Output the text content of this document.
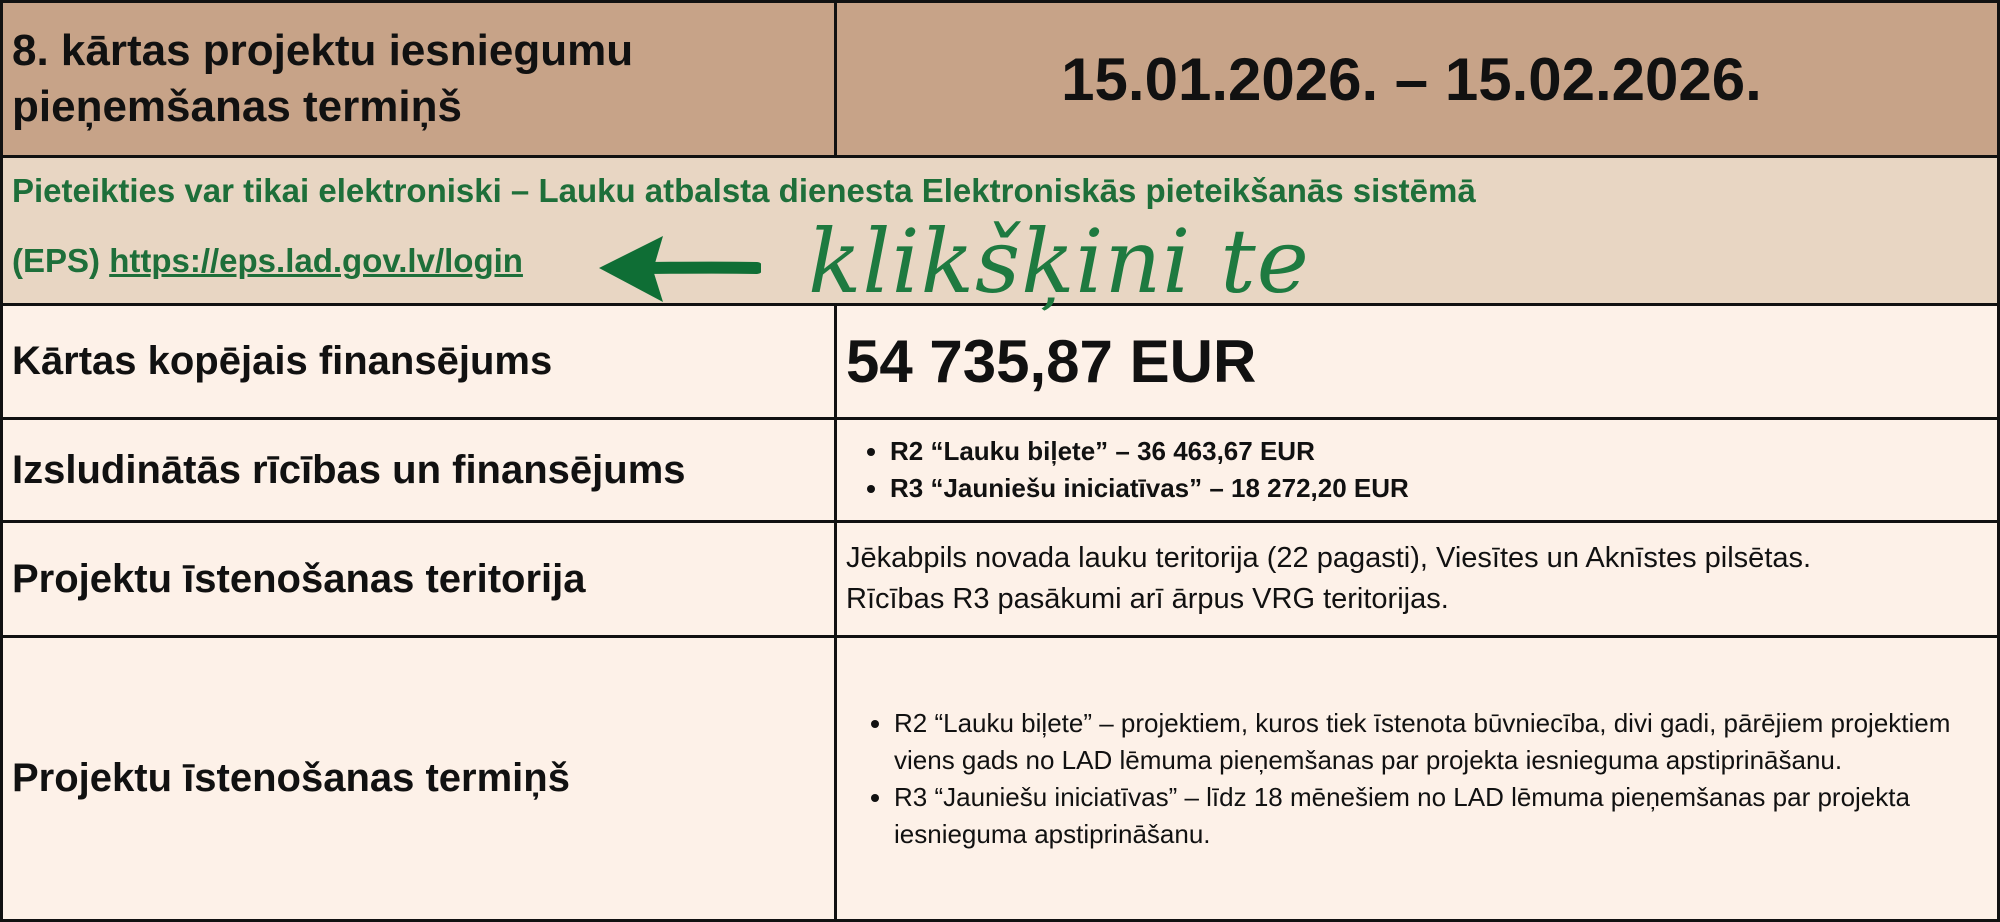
8. kārtas projektu iesniegumu
pieņemšanas termiņš	15.01.2026. – 15.02.2026.
Pieteikties var tikai elektroniski – Lauku atbalsta dienesta Elektroniskās pieteikšanās sistēmā
(EPS) https://eps.lad.gov.lv/login	klikšķini te
Kārtas kopējais finansējums	54 735,87 EUR
Izsludinātās rīcības un finansējums
•	R2 “Lauku biļete” – 36 463,67 EUR
• R3 “Jauniešu iniciatīvas” – 18 272,20 EUR
Projektu īstenošanas teritorija	Jēkabpils novada lauku teritorija (22 pagasti), Viesītes un Aknīstes pilsētas.
Rīcības R3 pasākumi arī ārpus VRG teritorijas.
Projektu īstenošanas termiņš
• R2 “Lauku biļete” – projektiem, kuros tiek īstenota būvniecība, divi gadi, pārējiem projektiem viens gads no LAD lēmuma pieņemšanas par projekta iesnieguma apstiprināšanu.
• R3 “Jauniešu iniciatīvas” – līdz 18 mēnešiem no LAD lēmuma pieņemšanas par projekta iesnieguma apstiprināšanu.
